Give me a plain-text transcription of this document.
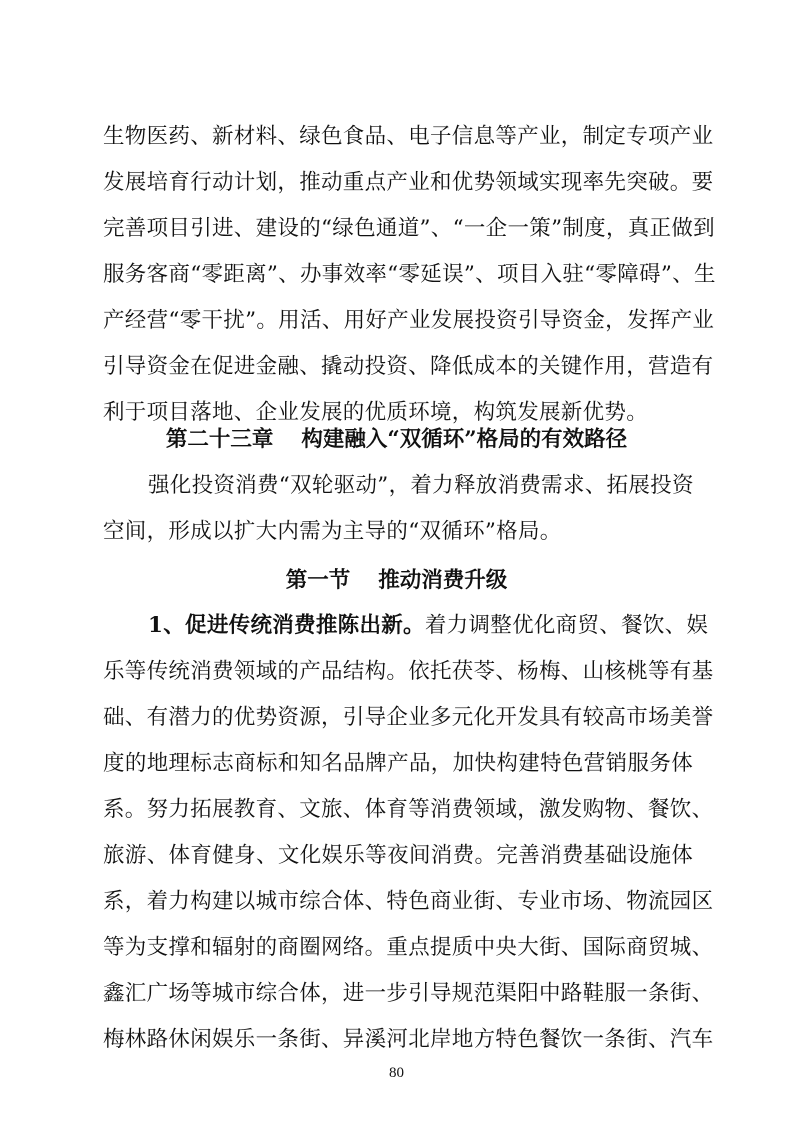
生物医药、新材料、绿色食品、电子信息等产业，制定专项产业
发展培育行动计划，推动重点产业和优势领域实现率先突破。要
完善项目引进、建设的“绿色通道”、“一企一策”制度，真正做到
服务客商“零距离”、办事效率“零延误”、项目入驻“零障碍”、生
产经营“零干扰”。用活、用好产业发展投资引导资金，发挥产业
引导资金在促进金融、撬动投资、降低成本的关键作用，营造有
利于项目落地、企业发展的优质环境，构筑发展新优势。
第二十三章 构建融入“双循环”格局的有效路径
强化投资消费“双轮驱动”，着力释放消费需求、拓展投资
空间，形成以扩大内需为主导的“双循环”格局。
第一节 推动消费升级
1、促进传统消费推陈出新。着力调整优化商贸、餐饮、娱
乐等传统消费领域的产品结构。依托茯苓、杨梅、山核桃等有基
础、有潜力的优势资源，引导企业多元化开发具有较高市场美誉
度的地理标志商标和知名品牌产品，加快构建特色营销服务体
系。努力拓展教育、文旅、体育等消费领域，激发购物、餐饮、
旅游、体育健身、文化娱乐等夜间消费。完善消费基础设施体
系，着力构建以城市综合体、特色商业街、专业市场、物流园区
等为支撑和辐射的商圈网络。重点提质中央大街、国际商贸城、
鑫汇广场等城市综合体，进一步引导规范渠阳中路鞋服一条街、
梅林路休闲娱乐一条街、异溪河北岸地方特色餐饮一条街、汽车
80
